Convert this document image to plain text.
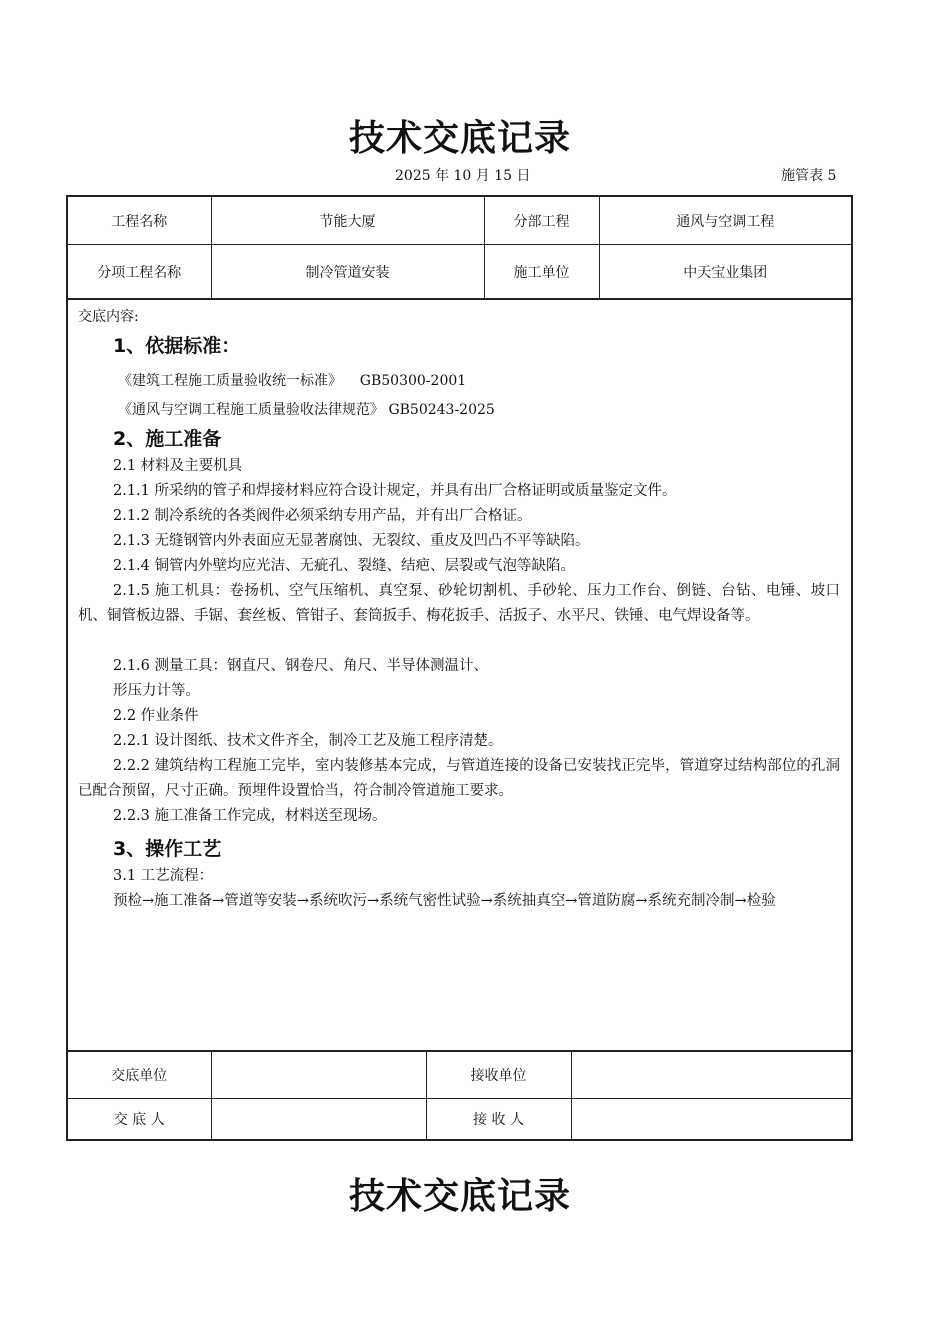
技术交底记录
2025 年 10 月 15 日	施管表 5
工程名称	节能大厦	分部工程	通风与空调工程
分项工程名称	制冷管道安装	施工单位	中天宝业集团
交底内容:
1、依据标准：
《建筑工程施工质量验收统一标准》    GB50300-2001
《通风与空调工程施工质量验收法律规范》 GB50243-2025
2、施工准备
2.1 材料及主要机具
2.1.1 所采纳的管子和焊接材料应符合设计规定，并具有出厂合格证明或质量鉴定文件。
2.1.2 制冷系统的各类阀件必须采纳专用产品，并有出厂合格证。
2.1.3 无缝钢管内外表面应无显著腐蚀、无裂纹、重皮及凹凸不平等缺陷。
2.1.4 铜管内外壁均应光洁、无疵孔、裂缝、结疤、层裂或气泡等缺陷。
2.1.5 施工机具：卷扬机、空气压缩机、真空泵、砂轮切割机、手砂轮、压力工作台、倒链、台钻、电锤、坡口机、铜管板边器、手锯、套丝板、管钳子、套筒扳手、梅花扳手、活扳子、水平尺、铁锤、电气焊设备等。
2.1.6 测量工具：钢直尺、钢卷尺、角尺、半导体测温计、
形压力计等。
2.2 作业条件
2.2.1 设计图纸、技术文件齐全，制冷工艺及施工程序清楚。
2.2.2 建筑结构工程施工完毕，室内装修基本完成，与管道连接的设备已安装找正完毕，管道穿过结构部位的孔洞已配合预留，尺寸正确。预埋件设置恰当，符合制冷管道施工要求。
2.2.3 施工准备工作完成，材料送至现场。
3、操作工艺
3.1 工艺流程：
预检→施工准备→管道等安装→系统吹污→系统气密性试验→系统抽真空→管道防腐→系统充制冷制→检验
交底单位		接收单位	
交 底 人		接 收 人	
技术交底记录
